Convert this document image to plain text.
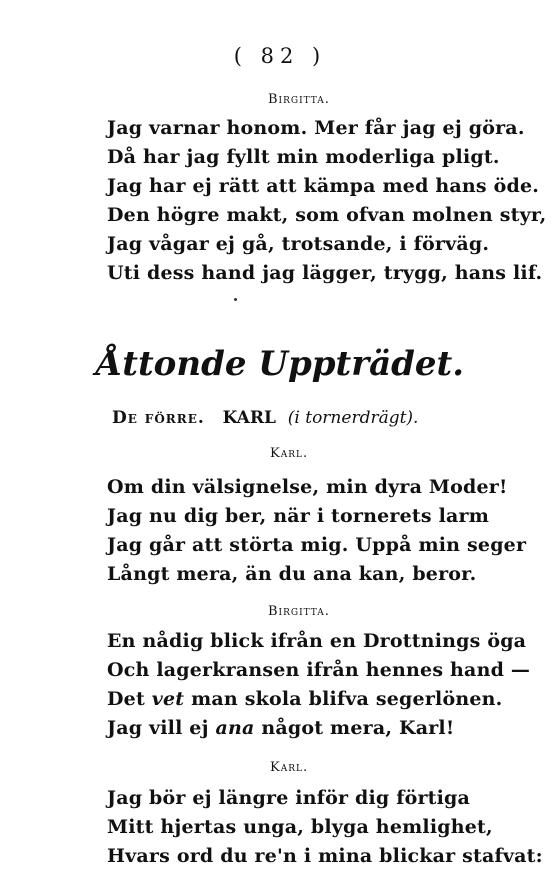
( 82 )
Birgitta.
Jag varnar honom. Mer får jag ej göra.
Då har jag fyllt min moderliga pligt.
Jag har ej rätt att kämpa med hans öde.
Den högre makt, som ofvan molnen styr,
Jag vågar ej gå, trotsande, i förväg.
Uti dess hand jag lägger, trygg, hans lif.
Åttonde Uppträdet.
De förre. KARL (i tornerdrägt).
Karl.
Om din välsignelse, min dyra Moder!
Jag nu dig ber, när i tornerets larm
Jag går att störta mig. Uppå min seger
Långt mera, än du ana kan, beror.
Birgitta.
En nådig blick ifrån en Drottnings öga
Och lagerkransen ifrån hennes hand —
Det vet man skola blifva segerlönen.
Jag vill ej ana något mera, Karl!
Karl.
Jag bör ej längre inför dig förtiga
Mitt hjertas unga, blyga hemlighet,
Hvars ord du re'n i mina blickar stafvat:
